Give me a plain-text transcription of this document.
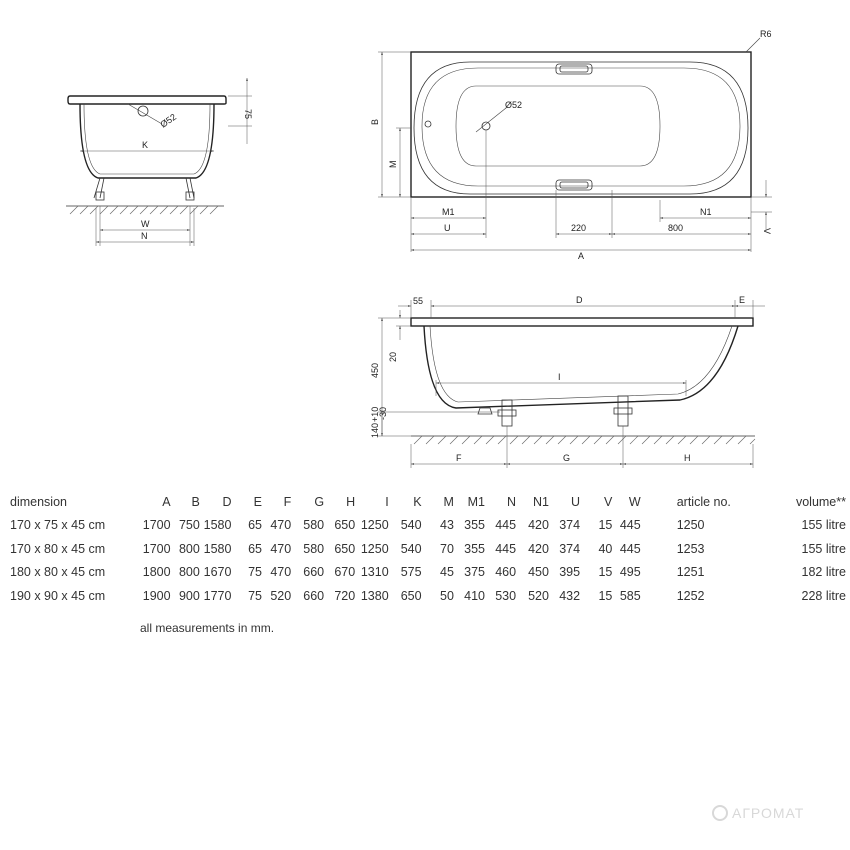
Ø52	75
K
W
N
Ø52
R6
B
M
M1
U	220	800
N1
A
V
55	D	E
450
20
+10
-30
140
I
F	G	H
dimension	A	B	D	E	F	G	H	I	K	M	M1	N	N1	U	V	W	article no.	volume**
170 x 75 x 45 cm	1700	750	1580	65	470	580	650	1250	540	43	355	445	420	374	15	445	1250	155 litre
170 x 80 x 45 cm	1700	800	1580	65	470	580	650	1250	540	70	355	445	420	374	40	445	1253	155 litre
180 x 80 x 45 cm	1800	800	1670	75	470	660	670	1310	575	45	375	460	450	395	15	495	1251	182 litre
190 x 90 x 45 cm	1900	900	1770	75	520	660	720	1380	650	50	410	530	520	432	15	585	1252	228 litre
all measurements in mm.
АГРОМАТ
